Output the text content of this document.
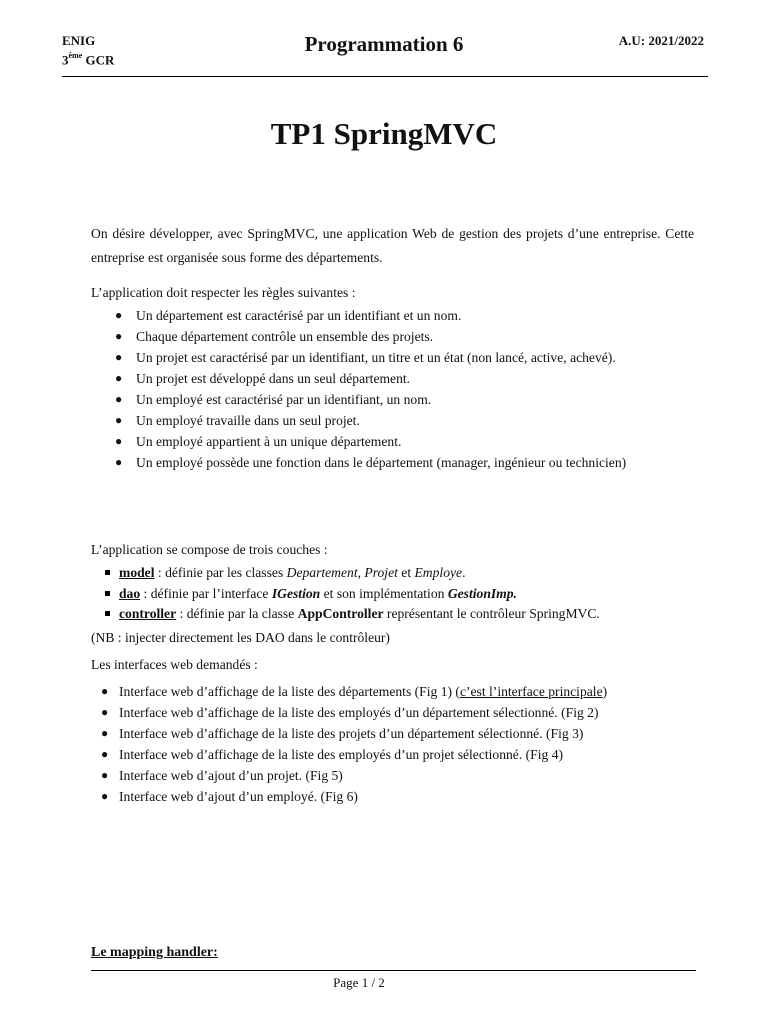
ENIG
3ème GCR
Programmation 6	A.U: 2021/2022
TP1 SpringMVC
On désire développer, avec SpringMVC, une application Web de gestion des projets d’une entreprise. Cette entreprise est organisée sous forme des départements.
L’application doit respecter les règles suivantes :
● Un département est caractérisé par un identifiant et un nom.
● Chaque département contrôle un ensemble des projets.
● Un projet est caractérisé par un identifiant, un titre et un état (non lancé, active, achevé).
● Un projet est développé dans un seul département.
● Un employé est caractérisé par un identifiant, un nom.
● Un employé travaille dans un seul projet.
● Un employé appartient à un unique département.
● Un employé possède une fonction dans le département (manager, ingénieur ou technicien)
L’application se compose de trois couches :
model : définie par les classes Departement, Projet et Employe.
dao : définie par l’interface IGestion et son implémentation GestionImp.
controller : définie par la classe AppController représentant le contrôleur SpringMVC.
(NB : injecter directement les DAO dans le contrôleur)
Les interfaces web demandés :
● Interface web d’affichage de la liste des départements (Fig 1) (c’est l’interface principale)
● Interface web d’affichage de la liste des employés d’un département sélectionné. (Fig 2)
● Interface web d’affichage de la liste des projets d’un département sélectionné. (Fig 3)
● Interface web d’affichage de la liste des employés d’un projet sélectionné. (Fig 4)
● Interface web d’ajout d’un projet. (Fig 5)
● Interface web d’ajout d’un employé. (Fig 6)
Le mapping handler:
Page 1 / 2
